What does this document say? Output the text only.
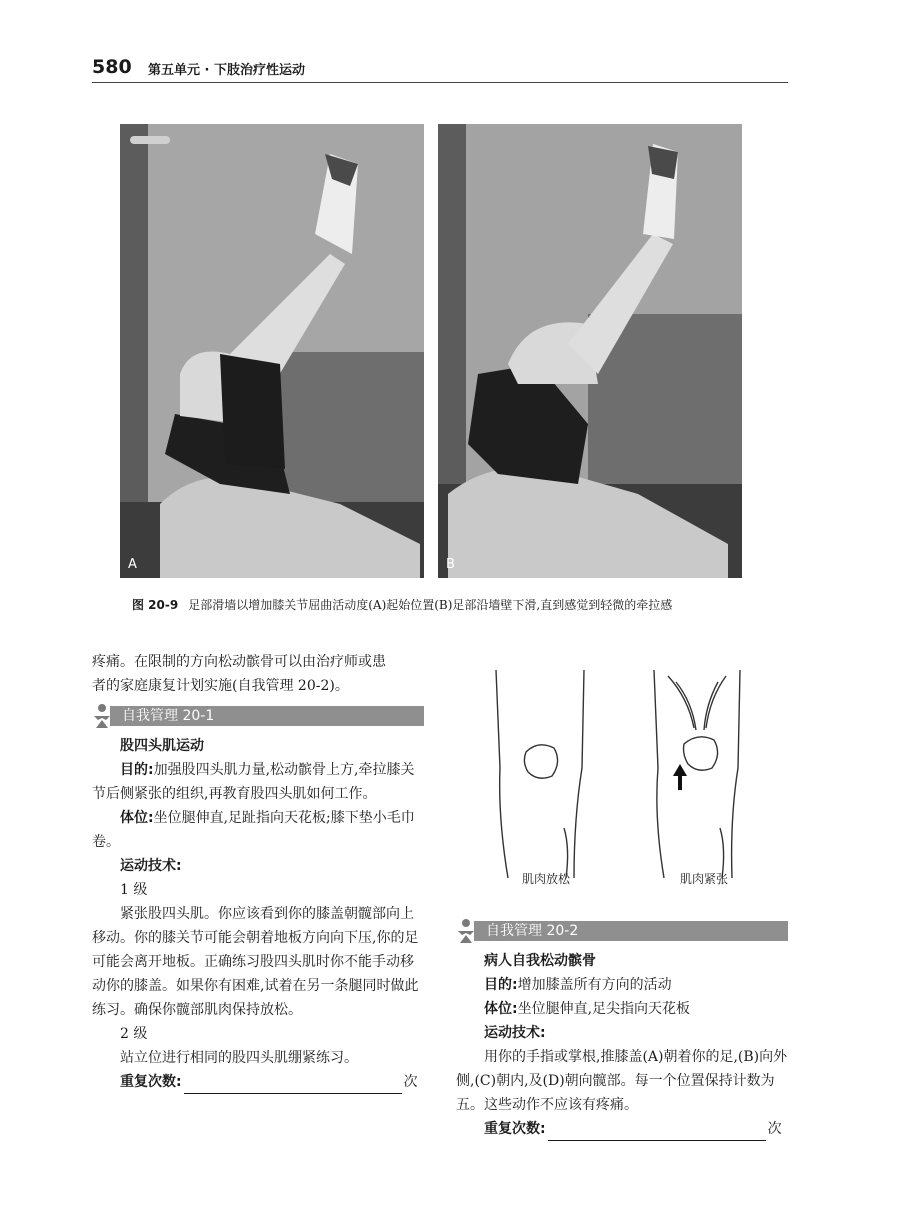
580 第五单元 · 下肢治疗性运动
A	B
图 20-9 足部滑墙以增加膝关节屈曲活动度(A)起始位置(B)足部沿墙壁下滑,直到感觉到轻微的牵拉感

疼痛。在限制的方向松动髌骨可以由治疗师或患

者的家庭康复计划实施(自我管理 20-2)。

自我管理 20-1

股四头肌运动

目的:加强股四头肌力量,松动髌骨上方,牵拉膝关节后侧紧张的组织,再教育股四头肌如何工作。

体位:坐位腿伸直,足趾指向天花板;膝下垫小毛巾卷。

运动技术:

1 级

紧张股四头肌。你应该看到你的膝盖朝髋部向上移动。你的膝关节可能会朝着地板方向向下压,你的足可能会离开地板。正确练习股四头肌时你不能手动移动你的膝盖。如果你有困难,试着在另一条腿同时做此练习。确保你髋部肌肉保持放松。

2 级

站立位进行相同的股四头肌绷紧练习。

重复次数:	次

肌肉放松	肌肉紧张
自我管理 20-2

病人自我松动髌骨

目的:增加膝盖所有方向的活动

体位:坐位腿伸直,足尖指向天花板

运动技术:

用你的手指或掌根,推膝盖(A)朝着你的足,(B)向外侧,(C)朝内,及(D)朝向髋部。每一个位置保持计数为五。这些动作不应该有疼痛。

重复次数:	次
